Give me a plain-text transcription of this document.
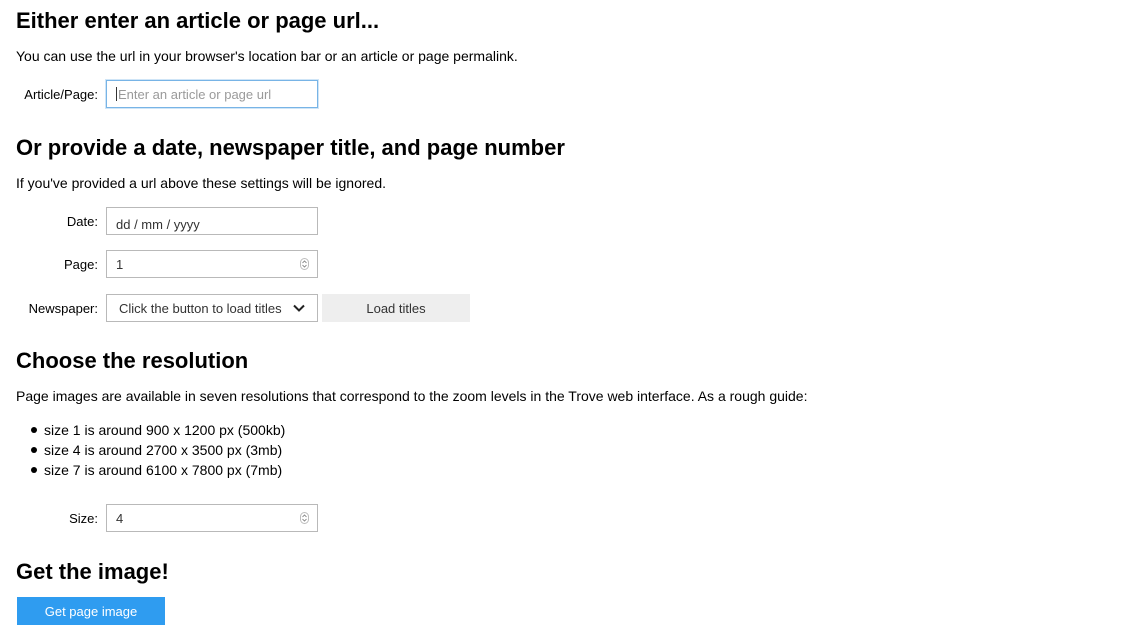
Either enter an article or page url...

You can use the url in your browser's location bar or an article or page permalink.

Article/Page:	Enter an article or page url
Or provide a date, newspaper title, and page number

If you've provided a url above these settings will be ignored.

Date:	dd / mm / yyyy
Page:	1
Newspaper:	Click the button to load titles	Load titles
Choose the resolution

Page images are available in seven resolutions that correspond to the zoom levels in the Trove web interface. As a rough guide:

size 1 is around 900 x 1200 px (500kb)
size 4 is around 2700 x 3500 px (3mb)
size 7 is around 6100 x 7800 px (7mb)
Size:	4
Get the image!
Get page image
